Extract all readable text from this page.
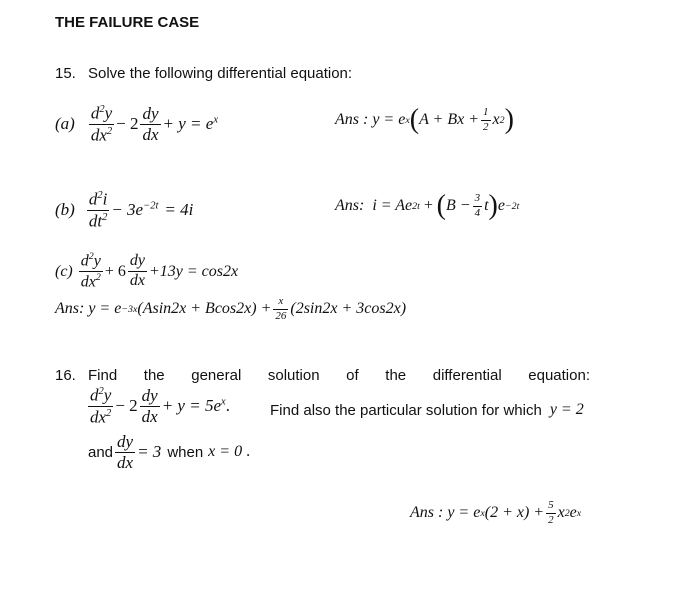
THE FAILURE CASE
15. Solve the following differential equation:
$(a) \frac{d^2y}{dx^2} - 2 \frac{dy}{dx} + y = e^x$	Ans :
y = e x ( $A + Bx + \frac{1}{2}$ x 2 )
$(b) \frac{d^2i}{dt^2} - 3e^{-2t} = 4i$	Ans:
i = Ae 2t + ( $B - \frac{3}{4}$ t ) e −2t
$(c) \frac{d^2y}{dx^2} + 6 \frac{dy}{dx} +13y = \cos 2x$
Ans:
y = e −3x $(Asin2x + Bcos2x) + \frac{x}{26} (2\sin 2x + 3\cos 2x)$
16. Find the general solution of the differential equation:
$\frac{d^2y}{dx^2} - 2 \frac{dy}{dx} + y = 5e^x$ .	Find also the particular solution for which y = 2
and $\frac{dy}{dx} = 3$ when x = 0 .
Ans :
y = e x $(2 + x) + \frac{5}{2}$ x 2 e x
